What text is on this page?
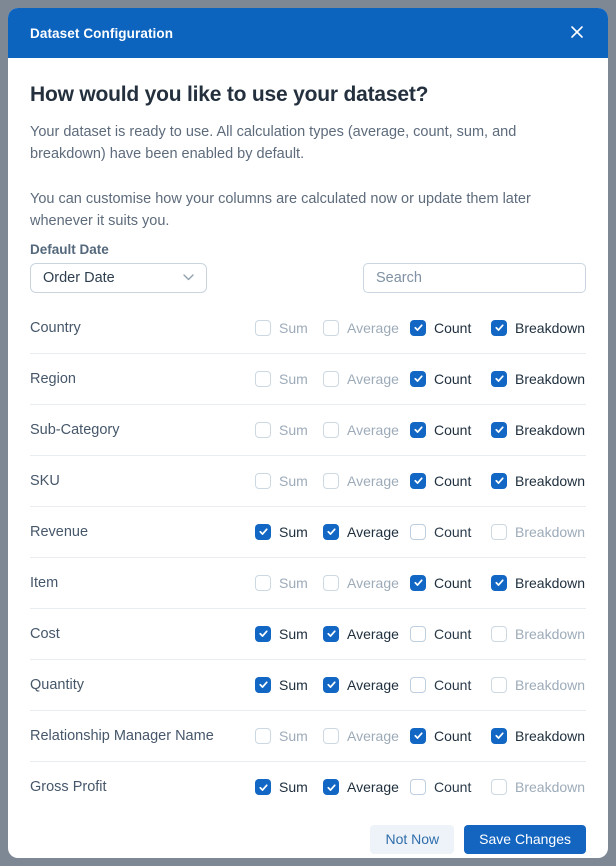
Dataset Configuration
How would you like to use your dataset?

Your dataset is ready to use. All calculation types (average, count, sum, and breakdown) have been enabled by default.

You can customise how your columns are calculated now or update them later whenever it suits you.

Default Date
Order Date
Search
Country	Sum	Average	Count	Breakdown
Region	Sum	Average	Count	Breakdown
Sub-Category	Sum	Average	Count	Breakdown
SKU	Sum	Average	Count	Breakdown
Revenue	Sum	Average	Count	Breakdown
Item	Sum	Average	Count	Breakdown
Cost	Sum	Average	Count	Breakdown
Quantity	Sum	Average	Count	Breakdown
Relationship Manager Name	Sum	Average	Count	Breakdown
Gross Profit	Sum	Average	Count	Breakdown
Not Now	Save Changes
